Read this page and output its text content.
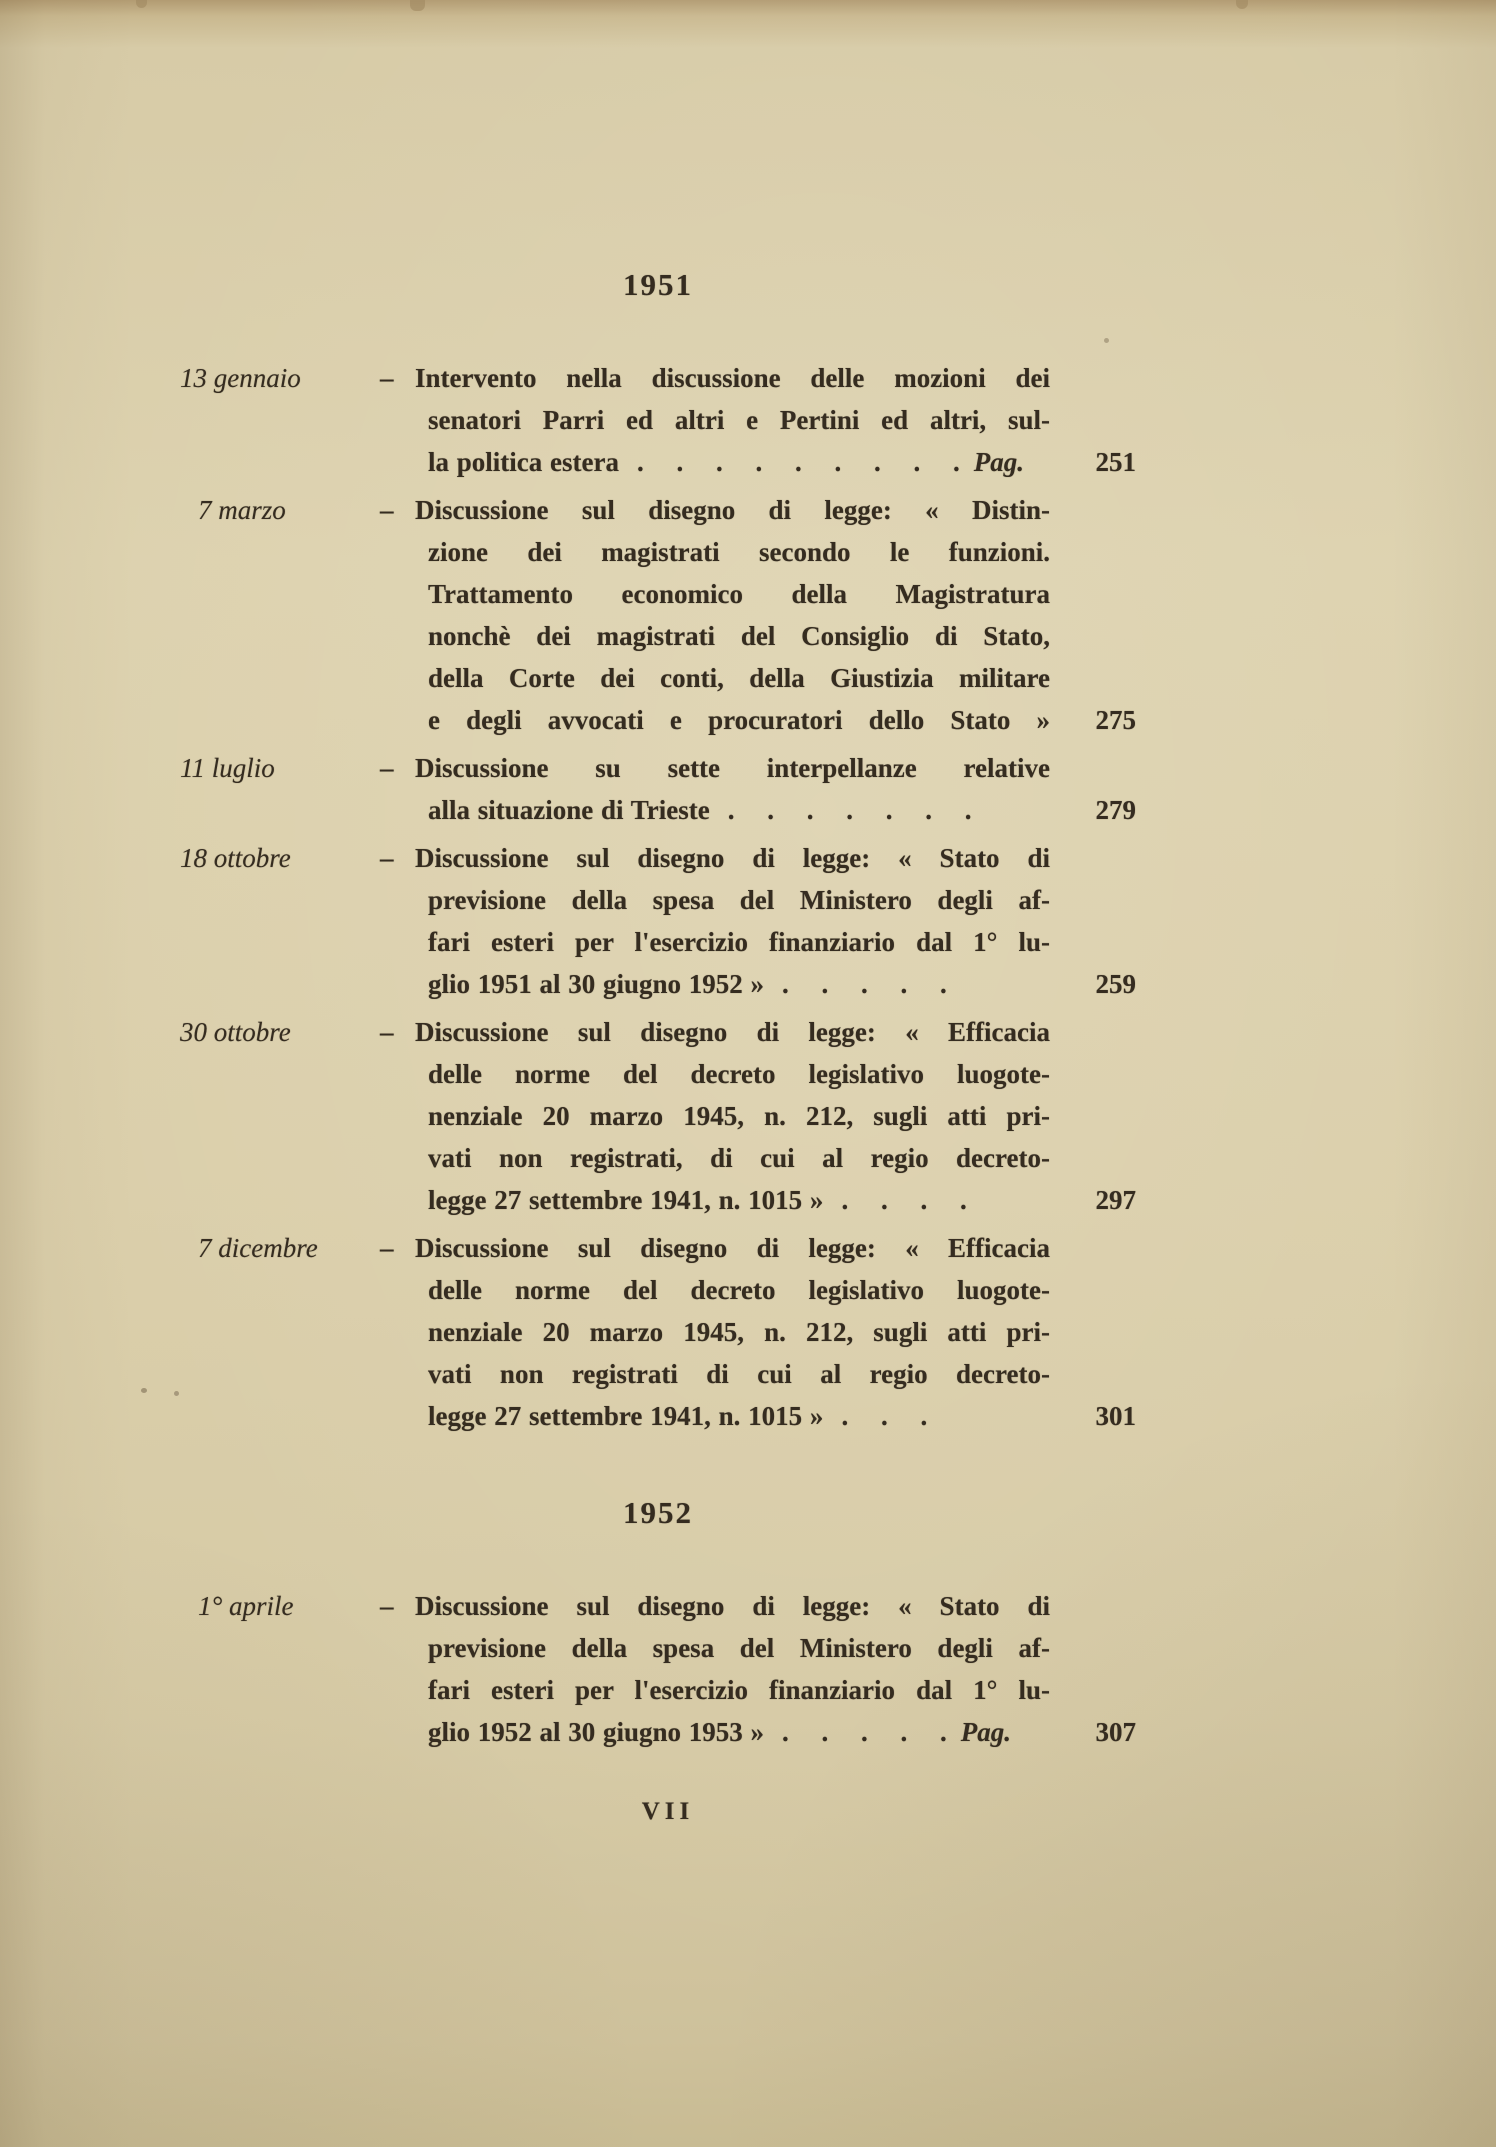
1951
13 gennaio	– Intervento nella discussione delle mozioni dei
senatori Parri ed altri e Pertini ed altri, sul-
la politica estera . . . . . . . . . Pag.	251
7 marzo	– Discussione sul disegno di legge: « Distin-
zione dei magistrati secondo le funzioni.
Trattamento economico della Magistratura
nonchè dei magistrati del Consiglio di Stato,
della Corte dei conti, della Giustizia militare
e degli avvocati e procuratori dello Stato »	275
11 luglio	– Discussione su sette interpellanze relative
alla situazione di Trieste . . . . . . .	279
18 ottobre	– Discussione sul disegno di legge: « Stato di
previsione della spesa del Ministero degli af-
fari esteri per l'esercizio finanziario dal 1° lu-
glio 1951 al 30 giugno 1952 » . . . . .	259
30 ottobre	– Discussione sul disegno di legge: « Efficacia
delle norme del decreto legislativo luogote-
nenziale 20 marzo 1945, n. 212, sugli atti pri-
vati non registrati, di cui al regio decreto-
legge 27 settembre 1941, n. 1015 » . . . .	297
7 dicembre	– Discussione sul disegno di legge: « Efficacia
delle norme del decreto legislativo luogote-
nenziale 20 marzo 1945, n. 212, sugli atti pri-
vati non registrati di cui al regio decreto-
legge 27 settembre 1941, n. 1015 » . . .	301
1952
1° aprile	– Discussione sul disegno di legge: « Stato di
previsione della spesa del Ministero degli af-
fari esteri per l'esercizio finanziario dal 1° lu-
glio 1952 al 30 giugno 1953 » . . . . . Pag.	307
VII
